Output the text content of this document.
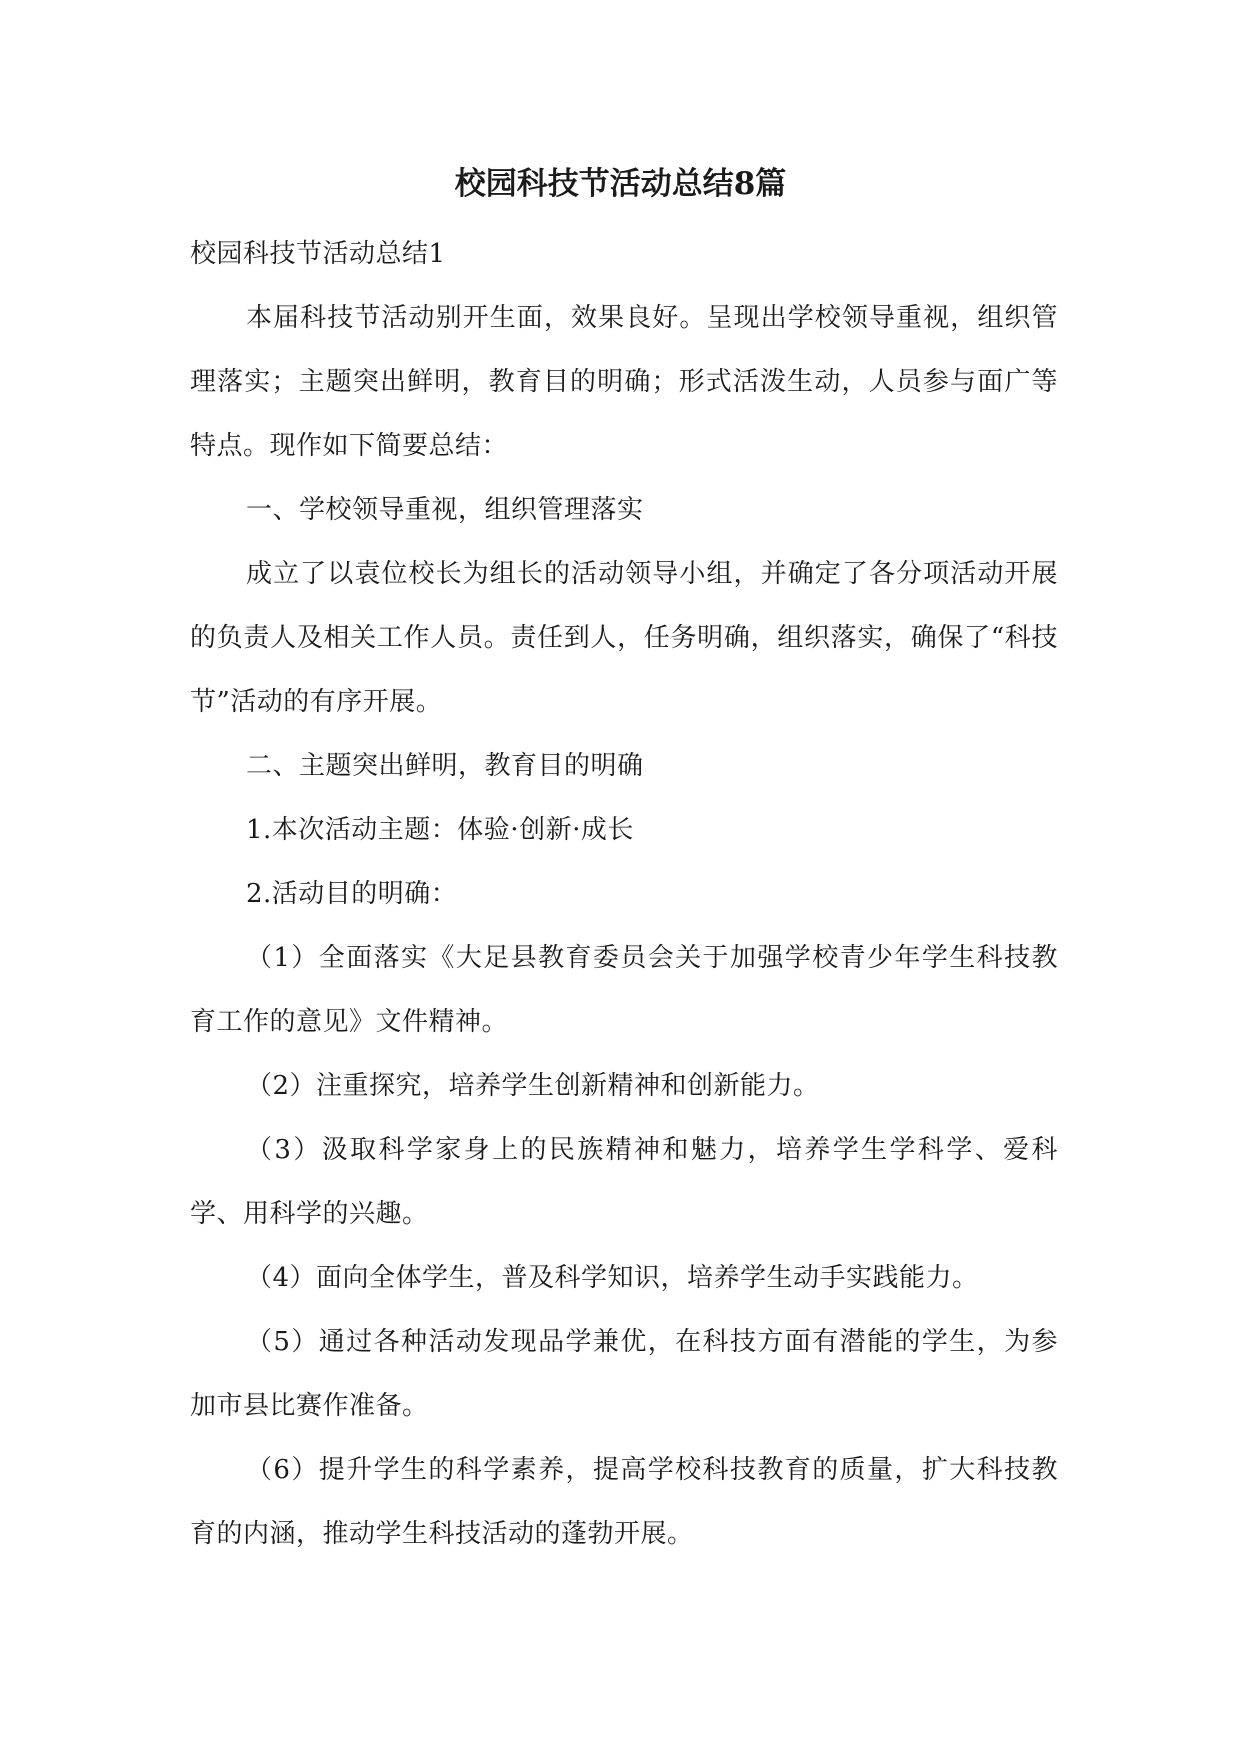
校园科技节活动总结8篇

校园科技节活动总结1

本届科技节活动别开生面，效果良好。呈现出学校领导重视，组织管理落实；主题突出鲜明，教育目的明确；形式活泼生动，人员参与面广等特点。现作如下简要总结：

一、学校领导重视，组织管理落实

成立了以袁位校长为组长的活动领导小组，并确定了各分项活动开展的负责人及相关工作人员。责任到人，任务明确，组织落实，确保了“科技节”活动的有序开展。

二、主题突出鲜明，教育目的明确

1.本次活动主题：体验·创新·成长

2.活动目的明确：

（1）全面落实《大足县教育委员会关于加强学校青少年学生科技教育工作的意见》文件精神。

（2）注重探究，培养学生创新精神和创新能力。

（3）汲取科学家身上的民族精神和魅力，培养学生学科学、爱科学、用科学的兴趣。

（4）面向全体学生，普及科学知识，培养学生动手实践能力。

（5）通过各种活动发现品学兼优，在科技方面有潜能的学生，为参加市县比赛作准备。

（6）提升学生的科学素养，提高学校科技教育的质量，扩大科技教育的内涵，推动学生科技活动的蓬勃开展。
